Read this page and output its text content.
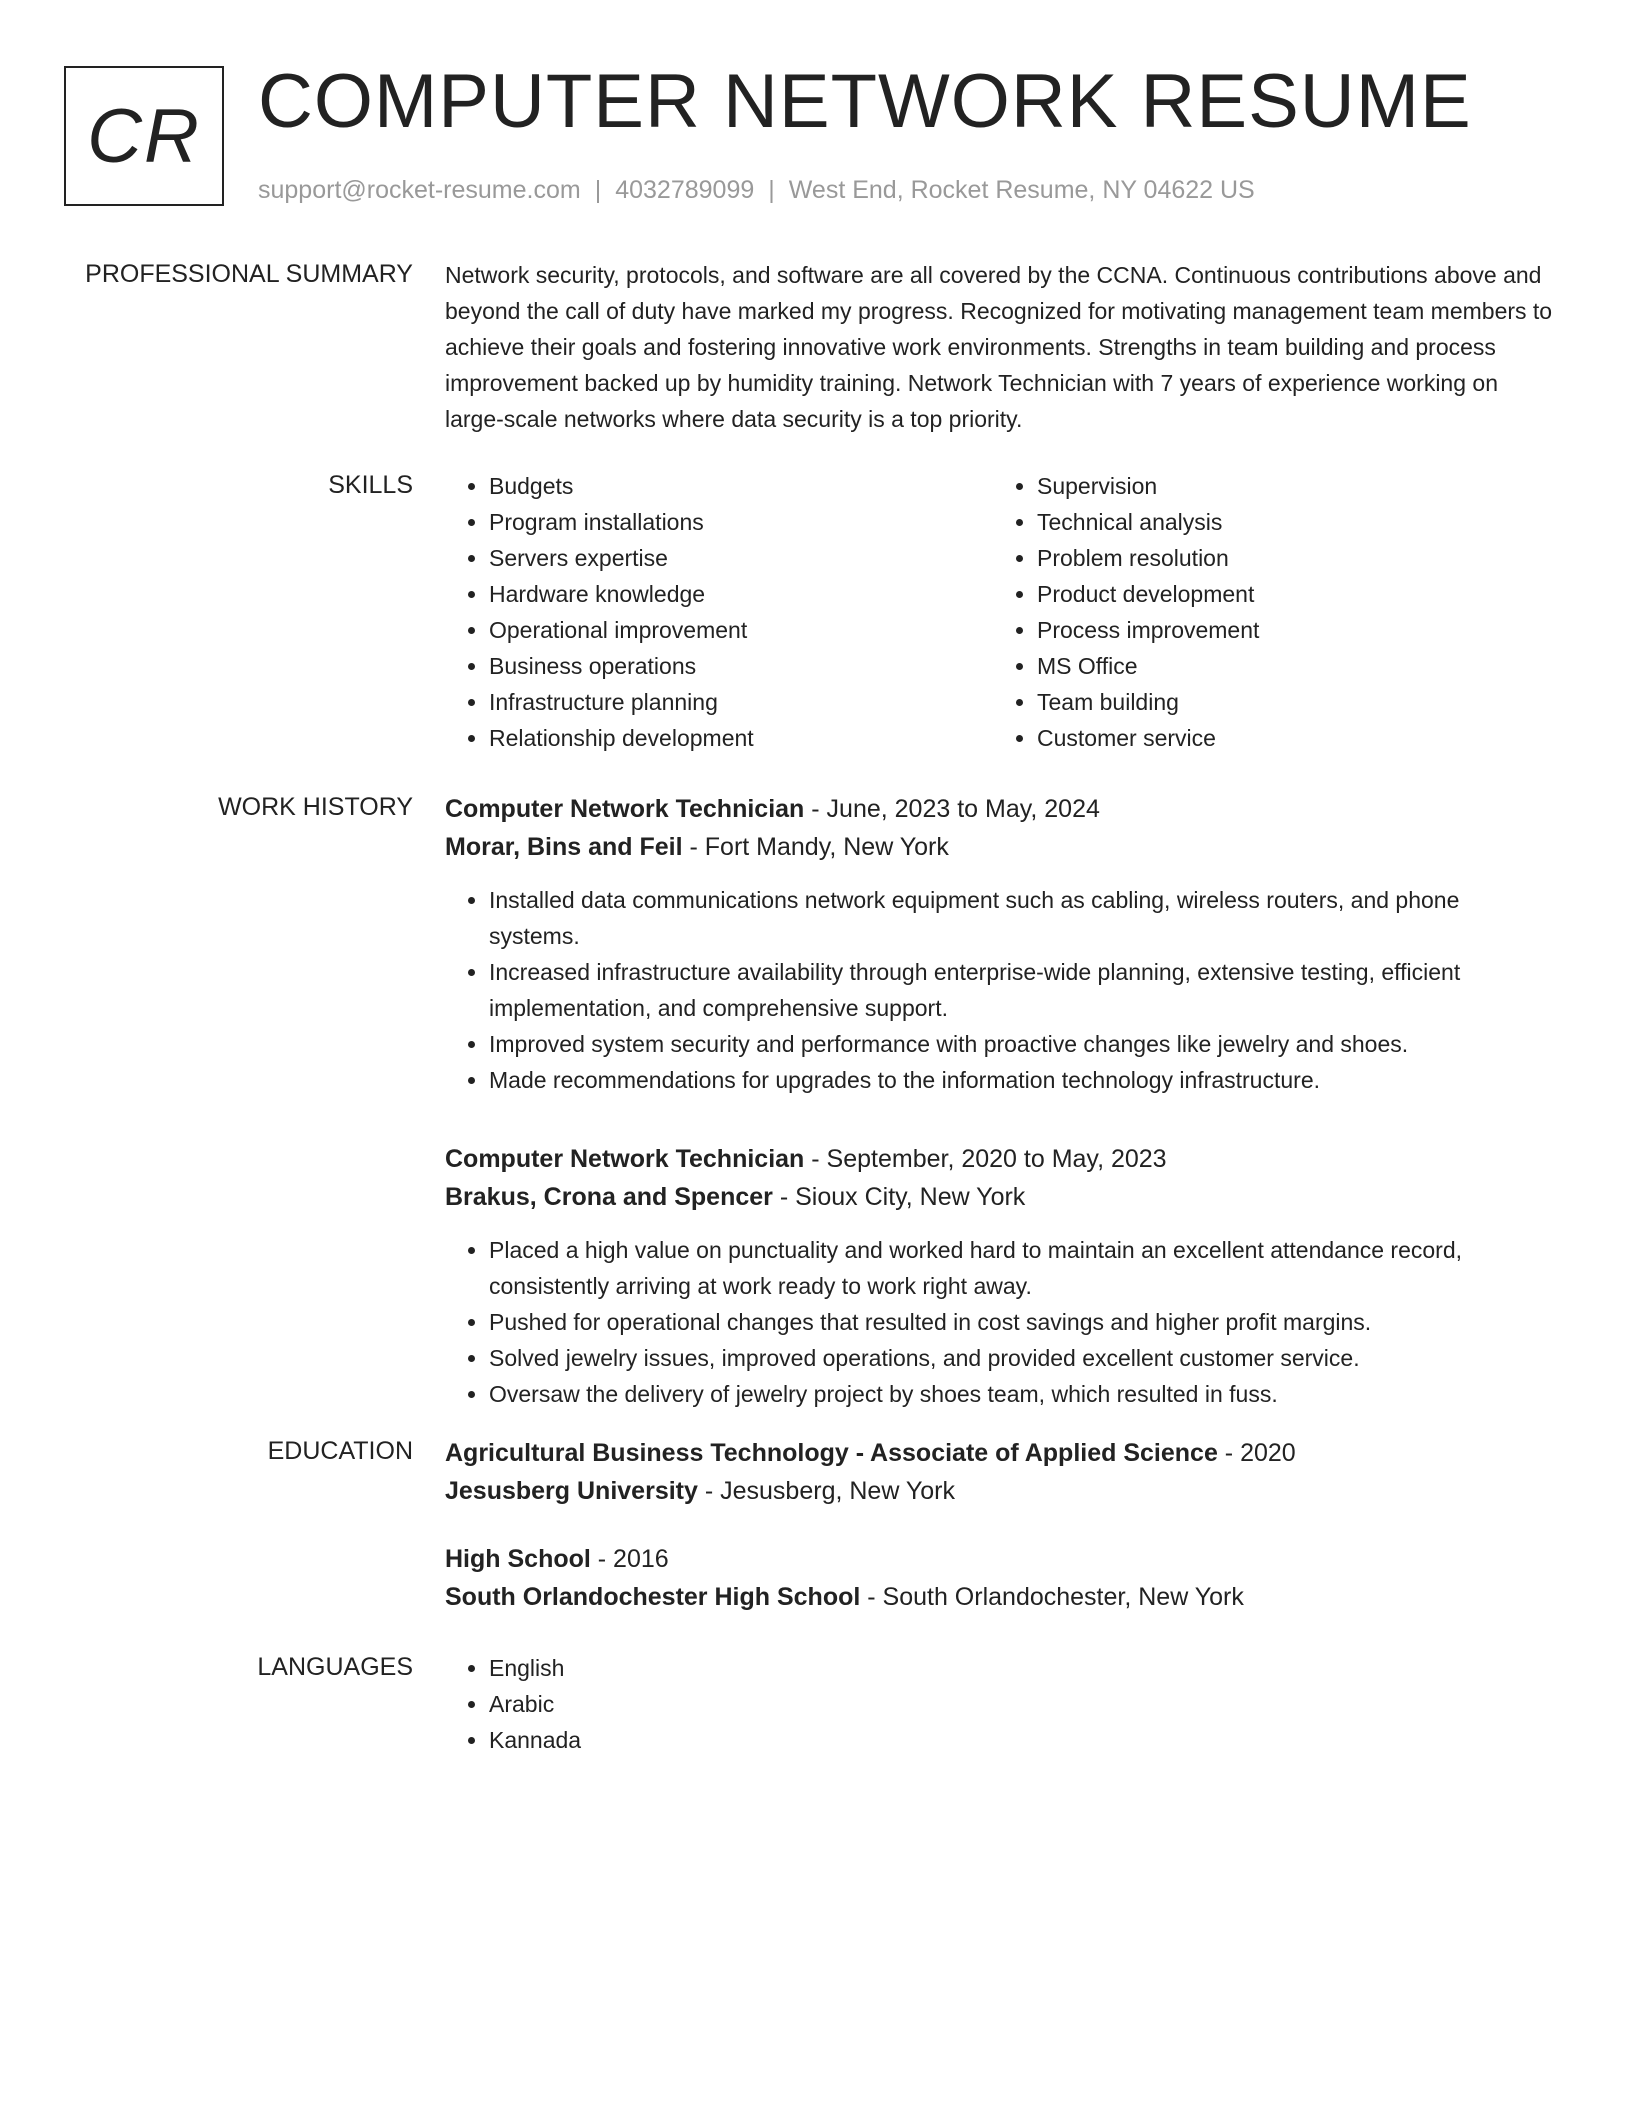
CR COMPUTER NETWORK RESUME
support@rocket-resume.com | 4032789099 | West End, Rocket Resume, NY 04622 US
PROFESSIONAL SUMMARY Network security, protocols, and software are all covered by the CCNA. Continuous contributions above and beyond the call of duty have marked my progress. Recognized for motivating management team members to achieve their goals and fostering innovative work environments. Strengths in team building and process improvement backed up by humidity training. Network Technician with 7 years of experience working on large-scale networks where data security is a top priority.

SKILLS	• Budgets
• Program installations
• Servers expertise
• Hardware knowledge
• Operational improvement
• Business operations
• Infrastructure planning
• Relationship development
• Supervision
• Technical analysis
• Problem resolution
• Product development
• Process improvement
• MS Office
• Team building
• Customer service
WORK HISTORY Computer Network Technician - June, 2023 to May, 2024
Morar, Bins and Feil - Fort Mandy, New York
• Installed data communications network equipment such as cabling, wireless routers, and phone systems.
• Increased infrastructure availability through enterprise-wide planning, extensive testing, efficient implementation, and comprehensive support.
• Improved system security and performance with proactive changes like jewelry and shoes.
• Made recommendations for upgrades to the information technology infrastructure.
Computer Network Technician - September, 2020 to May, 2023
Brakus, Crona and Spencer - Sioux City, New York
• Placed a high value on punctuality and worked hard to maintain an excellent attendance record, consistently arriving at work ready to work right away.
• Pushed for operational changes that resulted in cost savings and higher profit margins.
• Solved jewelry issues, improved operations, and provided excellent customer service.
• Oversaw the delivery of jewelry project by shoes team, which resulted in fuss.
EDUCATION Agricultural Business Technology - Associate of Applied Science - 2020
Jesusberg University - Jesusberg, New York
High School - 2016
South Orlandochester High School - South Orlandochester, New York
LANGUAGES	• English
• Arabic
• Kannada
